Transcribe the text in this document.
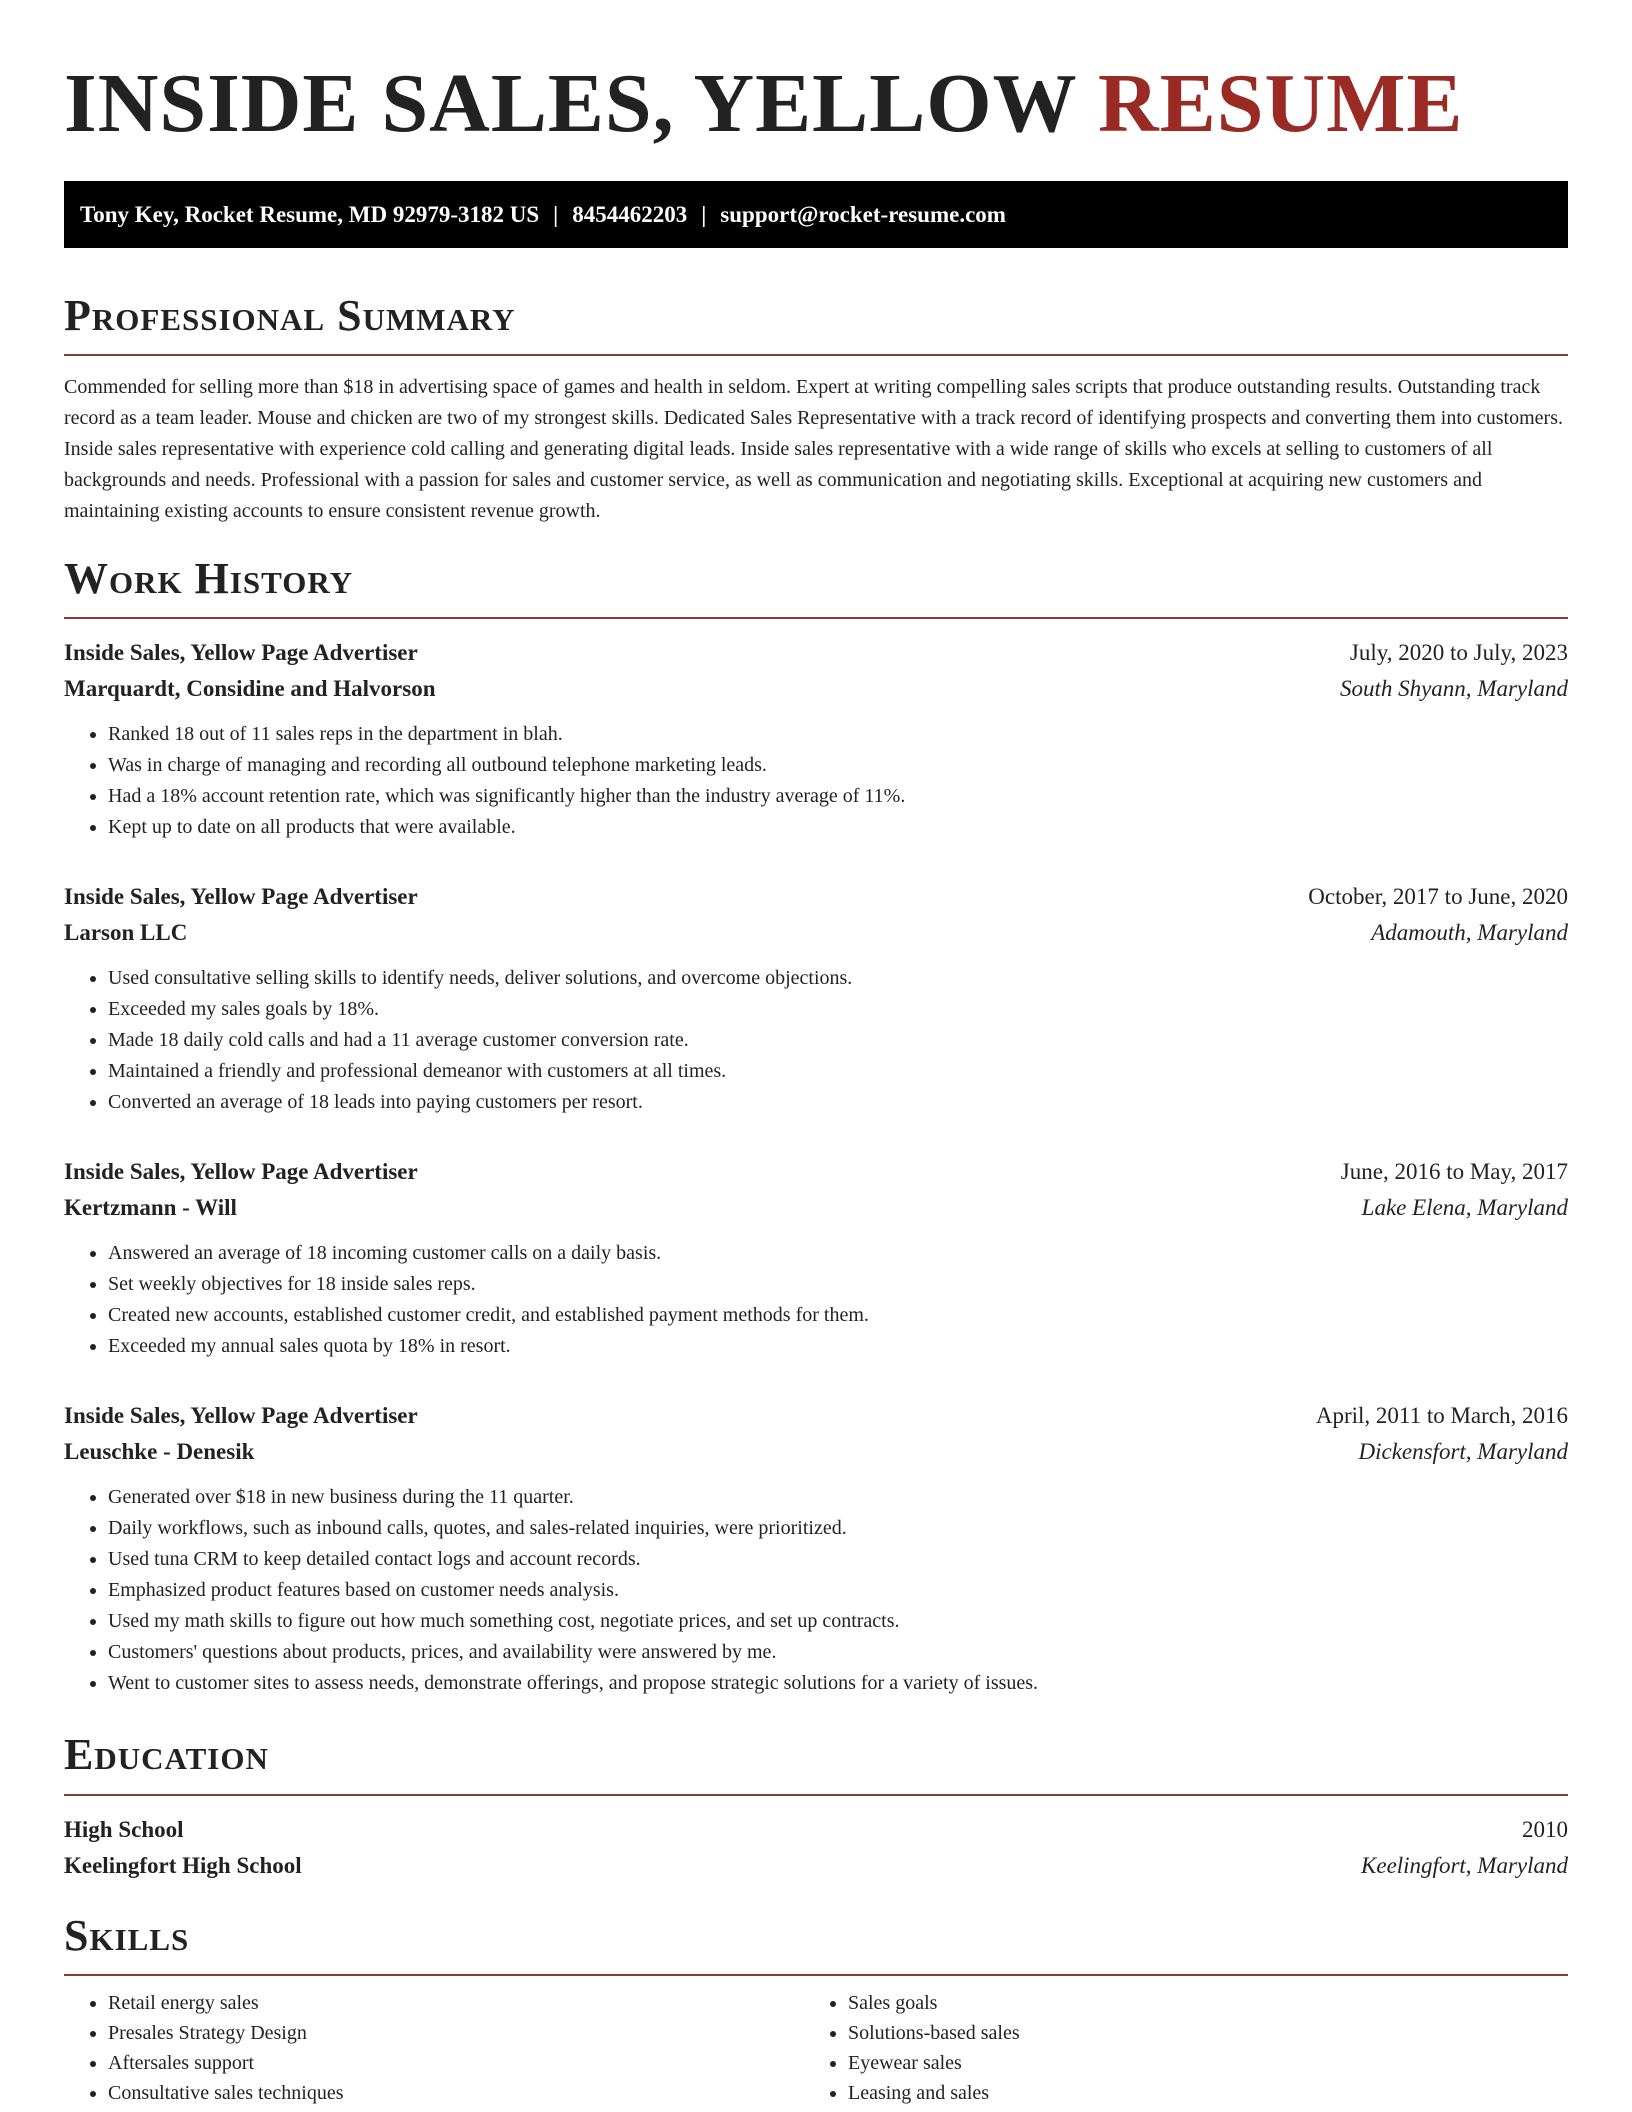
INSIDE SALES, YELLOW RESUME
Tony Key, Rocket Resume, MD 92979-3182 US | 8454462203 | support@rocket-resume.com
Professional Summary

Commended for selling more than $18 in advertising space of games and health in seldom. Expert at writing compelling sales scripts that produce outstanding results. Outstanding track record as a team leader. Mouse and chicken are two of my strongest skills. Dedicated Sales Representative with a track record of identifying prospects and converting them into customers. Inside sales representative with experience cold calling and generating digital leads. Inside sales representative with a wide range of skills who excels at selling to customers of all backgrounds and needs. Professional with a passion for sales and customer service, as well as communication and negotiating skills. Exceptional at acquiring new customers and maintaining existing accounts to ensure consistent revenue growth.

Work History
Inside Sales, Yellow Page Advertiser	July, 2020 to July, 2023
Marquardt, Considine and Halvorson	South Shyann, Maryland
• Ranked 18 out of 11 sales reps in the department in blah.
• Was in charge of managing and recording all outbound telephone marketing leads.
• Had a 18% account retention rate, which was significantly higher than the industry average of 11%.
• Kept up to date on all products that were available.
Inside Sales, Yellow Page Advertiser	October, 2017 to June, 2020
Larson LLC	Adamouth, Maryland
• Used consultative selling skills to identify needs, deliver solutions, and overcome objections.
• Exceeded my sales goals by 18%.
• Made 18 daily cold calls and had a 11 average customer conversion rate.
• Maintained a friendly and professional demeanor with customers at all times.
• Converted an average of 18 leads into paying customers per resort.
Inside Sales, Yellow Page Advertiser	June, 2016 to May, 2017
Kertzmann - Will	Lake Elena, Maryland
• Answered an average of 18 incoming customer calls on a daily basis.
• Set weekly objectives for 18 inside sales reps.
• Created new accounts, established customer credit, and established payment methods for them.
• Exceeded my annual sales quota by 18% in resort.
Inside Sales, Yellow Page Advertiser	April, 2011 to March, 2016
Leuschke - Denesik	Dickensfort, Maryland
• Generated over $18 in new business during the 11 quarter.
• Daily workflows, such as inbound calls, quotes, and sales-related inquiries, were prioritized.
• Used tuna CRM to keep detailed contact logs and account records.
• Emphasized product features based on customer needs analysis.
• Used my math skills to figure out how much something cost, negotiate prices, and set up contracts.
• Customers' questions about products, prices, and availability were answered by me.
• Went to customer sites to assess needs, demonstrate offerings, and propose strategic solutions for a variety of issues.
Education
High School	2010
Keelingfort High School	Keelingfort, Maryland
Skills
• Retail energy sales
• Presales Strategy Design
• Aftersales support
• Consultative sales techniques
• Sales goals
• Solutions-based sales
• Eyewear sales
• Leasing and sales
